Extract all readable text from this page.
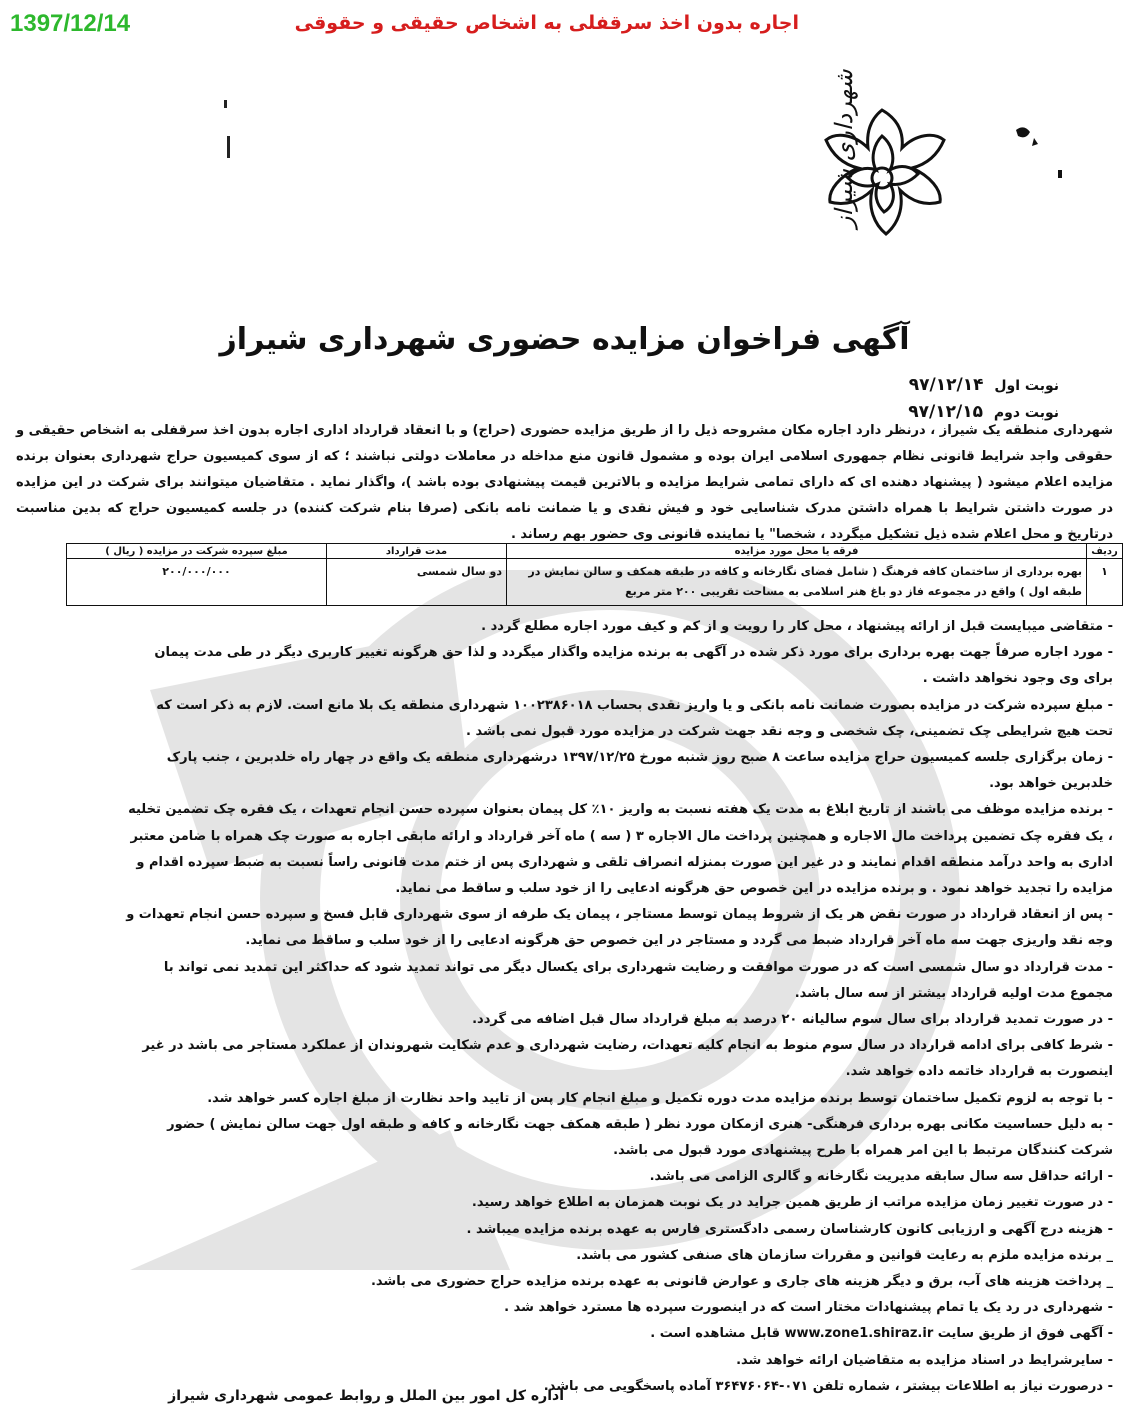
1397/12/14	اجاره بدون اخذ سرقفلی به اشخاص حقیقی و حقوقی
شهرداری شیراز
آگهی فراخوان مزایده حضوری شهرداری شیراز
نوبت اول ۹۷/۱۲/۱۴
نوبت دوم ۹۷/۱۲/۱۵
شهرداری منطقه یک شیراز ، درنظر دارد اجاره مکان مشروحه ذیل را از طریق مزایده حضوری (حراج) و با انعقاد قرارداد اداری اجاره بدون اخذ سرقفلی به اشخاص حقیقی و حقوقی واجد شرایط قانونی نظام جمهوری اسلامی ایران بوده و مشمول قانون منع مداخله در معاملات دولتی نباشند ؛ که از سوی کمیسیون حراج شهرداری بعنوان برنده مزایده اعلام میشود ( پیشنهاد دهنده ای که دارای تمامی شرایط مزایده و بالاترین قیمت پیشنهادی بوده باشد )، واگذار نماید . متقاضیان میتوانند برای شرکت در این مزایده در صورت داشتن شرایط با همراه داشتن مدرک شناسایی خود و فیش نقدی و یا ضمانت نامه بانکی (صرفا بنام شرکت کننده) در جلسه کمیسیون حراج که بدین مناسبت درتاریخ و محل اعلام شده ذیل تشکیل میگردد ، شخصا" یا نماینده قانونی وی حضور بهم رساند .
ردیف	فرقه یا محل مورد مزایده	مدت قرارداد	مبلغ سپرده شرکت در مزایده ( ریال )
۱	بهره برداری از ساختمان کافه فرهنگ ( شامل فضای نگارخانه و کافه در طبقه همکف و سالن نمایش در طبقه اول ) واقع در مجموعه فاز دو باغ هنر اسلامی به مساحت تقریبی ۲۰۰ متر مربع	دو سال شمسی	۲۰۰/۰۰۰/۰۰۰

- متقاضی میبایست قبل از ارائه پیشنهاد ، محل کار را رویت و از کم و کیف مورد اجاره مطلع گردد .

- مورد اجاره صرفاً جهت بهره برداری برای مورد ذکر شده در آگهی به برنده مزایده واگذار میگردد و لذا حق هرگونه تغییر کاربری دیگر در طی مدت پیمان برای وی وجود نخواهد داشت .

- مبلغ سپرده شرکت در مزایده بصورت ضمانت نامه بانکی و یا واریز نقدی بحساب ۱۰۰۲۳۸۶۰۱۸ شهرداری منطقه یک بلا مانع است. لازم به ذکر است که تحت هیچ شرایطی چک تضمینی، چک شخصی و وجه نقد جهت شرکت در مزایده مورد قبول نمی باشد .

- زمان برگزاری جلسه کمیسیون حراج مزایده ساعت ۸ صبح روز شنبه مورخ ۱۳۹۷/۱۲/۲۵ درشهرداری منطقه یک واقع در چهار راه خلدبرین ، جنب پارک خلدبرین خواهد بود.

- برنده مزایده موظف می باشند از تاریخ ابلاغ به مدت یک هفته نسبت به واریز ۱۰٪ کل پیمان بعنوان سپرده حسن انجام تعهدات ، یک فقره چک تضمین تخلیه ، یک فقره چک تضمین پرداخت مال الاجاره و همچنین پرداخت مال الاجاره ۳ ( سه ) ماه آخر قرارداد و ارائه مابقی اجاره به صورت چک همراه با ضامن معتبر اداری به واحد درآمد منطقه اقدام نمایند و در غیر این صورت بمنزله انصراف تلقی و شهرداری پس از ختم مدت قانونی راساً نسبت به ضبط سپرده اقدام و مزایده را تجدید خواهد نمود . و برنده مزایده در این خصوص حق هرگونه ادعایی را از خود سلب و ساقط می نماید.

- پس از انعقاد قرارداد در صورت نقض هر یک از شروط پیمان توسط مستاجر ، پیمان یک طرفه از سوی شهرداری قابل فسخ و سپرده حسن انجام تعهدات و وجه نقد واریزی جهت سه ماه آخر قرارداد ضبط می گردد و مستاجر در این خصوص حق هرگونه ادعایی را از خود سلب و ساقط می نماید.

- مدت قرارداد دو سال شمسی است که در صورت موافقت و رضایت شهرداری برای یکسال دیگر می تواند تمدید شود که حداکثر این تمدید نمی تواند با مجموع مدت اولیه قرارداد بیشتر از سه سال باشد.

- در صورت تمدید قرارداد برای سال سوم سالیانه ۲۰ درصد به مبلغ قرارداد سال قبل اضافه می گردد.

- شرط کافی برای ادامه قرارداد در سال سوم منوط به انجام کلیه تعهدات، رضایت شهرداری و عدم شکایت شهروندان از عملکرد مستاجر می باشد در غیر اینصورت به قرارداد خاتمه داده خواهد شد.

- با توجه به لزوم تکمیل ساختمان توسط برنده مزایده مدت دوره تکمیل و مبلغ انجام کار پس از تایید واحد نظارت از مبلغ اجاره کسر خواهد شد.

- به دلیل حساسیت مکانی بهره برداری فرهنگی- هنری ازمکان مورد نظر ( طبقه همکف جهت نگارخانه و کافه و طبقه اول جهت سالن نمایش ) حضور شرکت کنندگان مرتبط با این امر همراه با طرح پیشنهادی مورد قبول می باشد.

- ارائه حداقل سه سال سابقه مدیریت نگارخانه و گالری الزامی می باشد.

- در صورت تغییر زمان مزایده مراتب از طریق همین جراید در یک نوبت همزمان به اطلاع خواهد رسید.

- هزینه درج آگهی و ارزیابی کانون کارشناسان رسمی دادگستری فارس به عهده برنده مزایده میباشد .

_ برنده مزایده ملزم به رعایت قوانین و مقررات سازمان های صنفی کشور می باشد.

_ پرداخت هزینه های آب، برق و دیگر هزینه های جاری و عوارض قانونی به عهده برنده مزایده حراج حضوری می باشد.

- شهرداری در رد یک یا تمام پیشنهادات مختار است که در اینصورت سپرده ها مسترد خواهد شد .

- آگهی فوق از طریق سایت www.zone1.shiraz.ir قابل مشاهده است .

- سایرشرایط در اسناد مزایده به متقاضیان ارائه خواهد شد.

- درصورت نیاز به اطلاعات بیشتر ، شماره تلفن ۰۷۱-۳۶۴۷۶۰۶۴ آماده پاسخگویی می باشد.

اداره کل امور بین الملل و روابط عمومی شهرداری شیراز
